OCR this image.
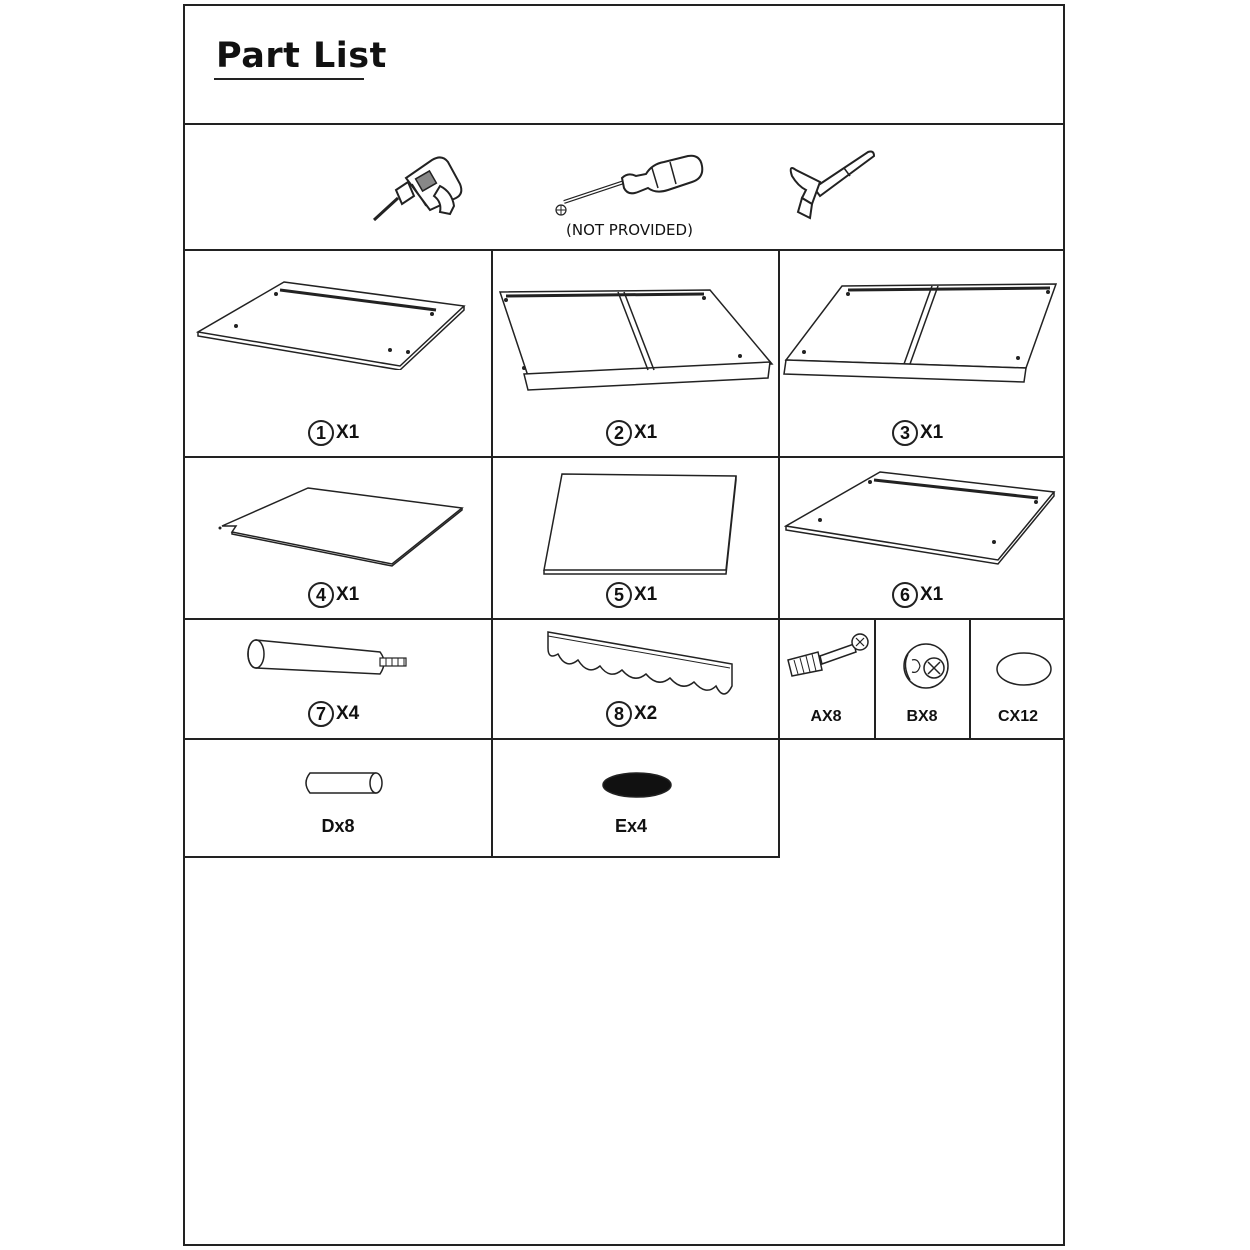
Part List
(NOT PROVIDED)
1 X1	2 X1	3 X1
4 X1	5 X1	6 X1
7 X4	8 X2	AX8	BX8	CX12
Dx8	Ex4
